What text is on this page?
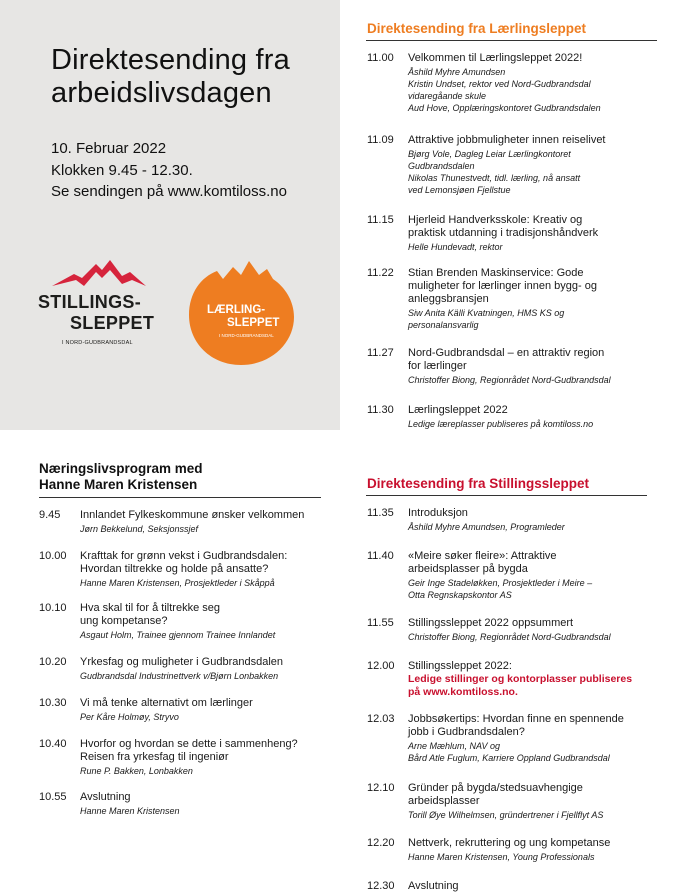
Direktesending fra
arbeidslivsdagen
10. Februar 2022
Klokken 9.45 - 12.30.
Se sendingen på www.komtiloss.no
STILLINGS-
SLEPPET
I NORD-GUDBRANDSDAL
LÆRLING-
SLEPPET
I NORD-GUDBRANDSDAL
Direktesending fra Lærlingsleppet
11.00 Velkommen til Lærlingsleppet 2022!
Åshild Myhre Amundsen
Kristin Undset, rektor ved Nord-Gudbrandsdal
vidaregåande skule
Aud Hove, Opplæringskontoret Gudbrandsdalen
11.09 Attraktive jobbmuligheter innen reiselivet
Bjørg Vole, Dagleg Leiar Lærlingkontoret
Gudbrandsdalen
Nikolas Thunestvedt, tidl. lærling, nå ansatt
ved Lemonsjøen Fjellstue
11.15 Hjerleid Handverksskole: Kreativ og
praktisk utdanning i tradisjonshåndverk
Helle Hundevadt, rektor
11.22 Stian Brenden Maskinservice: Gode
muligheter for lærlinger innen bygg- og
anleggsbransjen
Siw Anita Källi Kvatningen, HMS KS og
personalansvarlig
11.27 Nord-Gudbrandsdal – en attraktiv region
for lærlinger
Christoffer Biong, Regionrådet Nord-Gudbrandsdal
11.30 Lærlingsleppet 2022
Ledige læreplasser publiseres på komtiloss.no
Næringslivsprogram med
Hanne Maren Kristensen
9.45 Innlandet Fylkeskommune ønsker velkommen
Jørn Bekkelund, Seksjonssjef
10.00 Krafttak for grønn vekst i Gudbrandsdalen:
Hvordan tiltrekke og holde på ansatte?
Hanne Maren Kristensen, Prosjektleder i Skåppå
10.10 Hva skal til for å tiltrekke seg
ung kompetanse?
Asgaut Holm, Trainee gjennom Trainee Innlandet
10.20 Yrkesfag og muligheter i Gudbrandsdalen
Gudbrandsdal Industrinettverk v/Bjørn Lonbakken
10.30 Vi må tenke alternativt om lærlinger
Per Kåre Holmøy, Stryvo
10.40 Hvorfor og hvordan se dette i sammenheng?
Reisen fra yrkesfag til ingeniør
Rune P. Bakken, Lonbakken
10.55 Avslutning
Hanne Maren Kristensen
Direktesending fra Stillingssleppet
11.35 Introduksjon
Åshild Myhre Amundsen, Programleder
11.40 «Meire søker fleire»: Attraktive
arbeidsplasser på bygda
Geir Inge Stadeløkken, Prosjektleder i Meire –
Otta Regnskapskontor AS
11.55 Stillingssleppet 2022 oppsummert
Christoffer Biong, Regionrådet Nord-Gudbrandsdal
12.00 Stillingssleppet 2022:
Ledige stillinger og kontorplasser publiseres
på www.komtiloss.no.
12.03 Jobbsøkertips: Hvordan finne en spennende
jobb i Gudbrandsdalen?
Arne Mæhlum, NAV og
Bård Atle Fuglum, Karriere Oppland Gudbrandsdal
12.10 Gründer på bygda/stedsuavhengige
arbeidsplasser
Torill Øye Wilhelmsen, gründertrener i Fjellflyt AS
12.20 Nettverk, rekruttering og ung kompetanse
Hanne Maren Kristensen, Young Professionals
12.30 Avslutning
